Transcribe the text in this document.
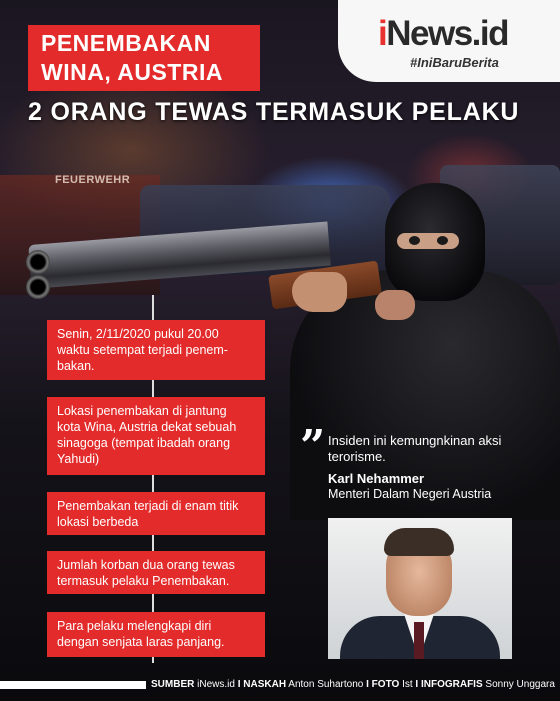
FEUERWEHR
iNews.id
#IniBaruBerita
PENEMBAKAN
WINA, AUSTRIA
2 ORANG TEWAS TERMASUK PELAKU
Senin, 2/11/2020 pukul 20.00
waktu setempat terjadi penem-
bakan.
Lokasi penembakan di jantung
kota Wina, Austria dekat sebuah
sinagoga (tempat ibadah orang
Yahudi)
Penembakan terjadi di enam titik
lokasi berbeda
Jumlah korban dua orang tewas
termasuk pelaku Penembakan.
Para pelaku melengkapi diri
dengan senjata laras panjang.
” Insiden ini kemungnkinan aksi terorisme.
Karl Nehammer
Menteri Dalam Negeri Austria
SUMBER iNews.id I NASKAH Anton Suhartono I FOTO Ist I INFOGRAFIS Sonny Unggara
